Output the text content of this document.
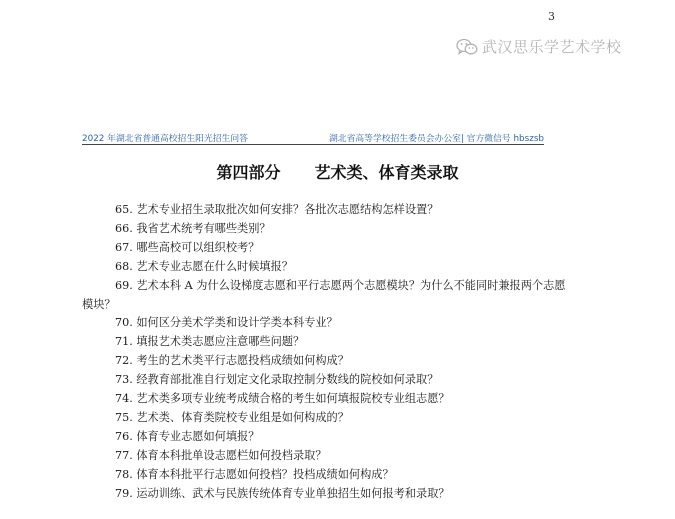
3
武汉思乐学艺术学校
2022 年湖北省普通高校招生阳光招生问答	湖北省高等学校招生委员会办公室| 官方微信号 hbszsb
第四部分 艺术类、体育类录取
65. 艺术专业招生录取批次如何安排？各批次志愿结构怎样设置？
66. 我省艺术统考有哪些类别？
67. 哪些高校可以组织校考？
68. 艺术专业志愿在什么时候填报？
69. 艺术本科 A 为什么设梯度志愿和平行志愿两个志愿模块？为什么不能同时兼报两个志愿模块？
70. 如何区分美术学类和设计学类本科专业？
71. 填报艺术类志愿应注意哪些问题？
72. 考生的艺术类平行志愿投档成绩如何构成？
73. 经教育部批准自行划定文化录取控制分数线的院校如何录取？
74. 艺术类多项专业统考成绩合格的考生如何填报院校专业组志愿？
75. 艺术类、体育类院校专业组是如何构成的？
76. 体育专业志愿如何填报？
77. 体育本科批单设志愿栏如何投档录取？
78. 体育本科批平行志愿如何投档？投档成绩如何构成？
79. 运动训练、武术与民族传统体育专业单独招生如何报考和录取？
